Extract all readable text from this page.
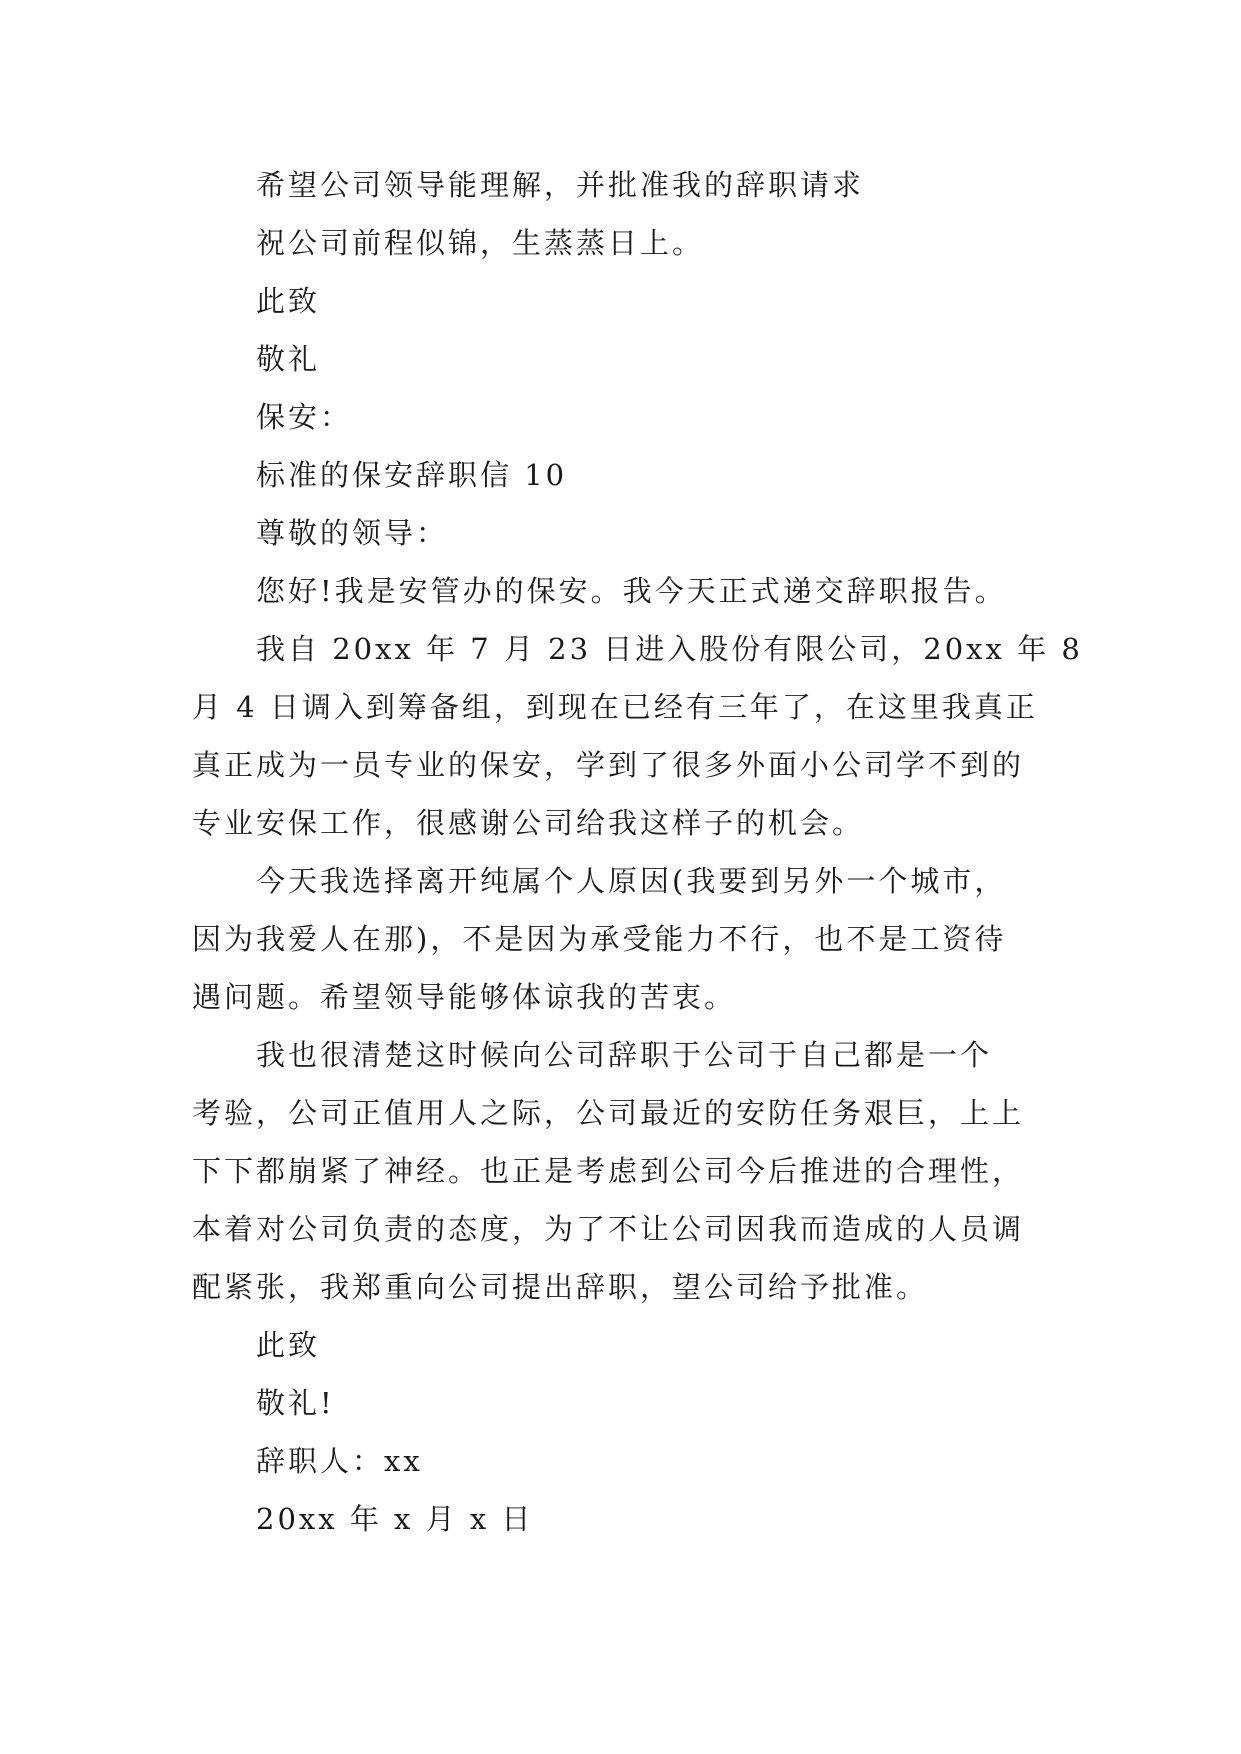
希望公司领导能理解，并批准我的辞职请求
祝公司前程似锦，生蒸蒸日上。
此致
敬礼
保安：
标准的保安辞职信 10
尊敬的领导：
您好!我是安管办的保安。我今天正式递交辞职报告。
我自 20xx 年 7 月 23 日进入股份有限公司，20xx 年 8
月 4 日调入到筹备组，到现在已经有三年了，在这里我真正
真正成为一员专业的保安，学到了很多外面小公司学不到的
专业安保工作，很感谢公司给我这样子的机会。
今天我选择离开纯属个人原因(我要到另外一个城市，
因为我爱人在那)，不是因为承受能力不行，也不是工资待
遇问题。希望领导能够体谅我的苦衷。
我也很清楚这时候向公司辞职于公司于自己都是一个
考验，公司正值用人之际，公司最近的安防任务艰巨，上上
下下都崩紧了神经。也正是考虑到公司今后推进的合理性，
本着对公司负责的态度，为了不让公司因我而造成的人员调
配紧张，我郑重向公司提出辞职，望公司给予批准。
此致
敬礼!
辞职人：xx
20xx 年 x 月 x 日
